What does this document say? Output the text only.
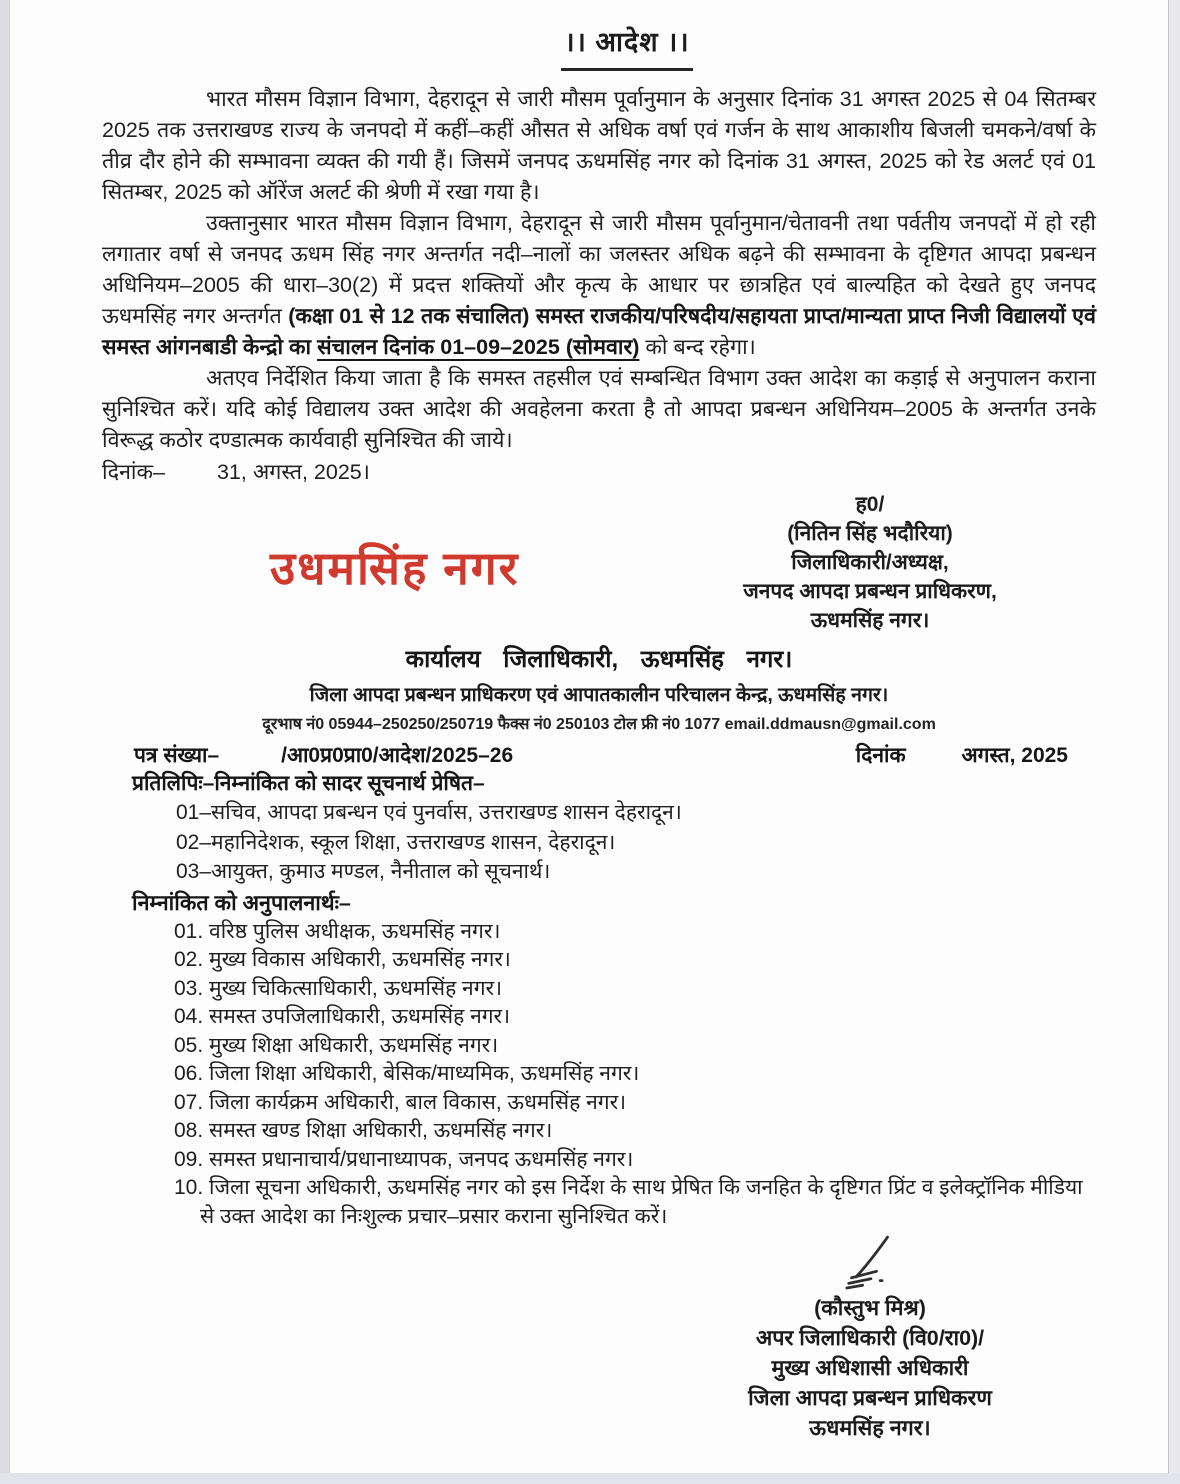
।। आदेश ।।

भारत मौसम विज्ञान विभाग, देहरादून से जारी मौसम पूर्वानुमान के अनुसार दिनांक 31 अगस्त 2025 से 04 सितम्बर 2025 तक उत्तराखण्ड राज्य के जनपदो में कहीं–कहीं औसत से अधिक वर्षा एवं गर्जन के साथ आकाशीय बिजली चमकने/वर्षा के तीव्र दौर होने की सम्भावना व्यक्त की गयी हैं। जिसमें जनपद ऊधमसिंह नगर को दिनांक 31 अगस्त, 2025 को रेड अलर्ट एवं 01 सितम्बर, 2025 को ऑरेंज अलर्ट की श्रेणी में रखा गया है।

उक्तानुसार भारत मौसम विज्ञान विभाग, देहरादून से जारी मौसम पूर्वानुमान/चेतावनी तथा पर्वतीय जनपदों में हो रही लगातार वर्षा से जनपद ऊधम सिंह नगर अन्तर्गत नदी–नालों का जलस्तर अधिक बढ़ने की सम्भावना के दृष्टिगत आपदा प्रबन्धन अधिनियम–2005 की धारा–30(2) में प्रदत्त शक्तियों और कृत्य के आधार पर छात्रहित एवं बाल्यहित को देखते हुए जनपद ऊधमसिंह नगर अन्तर्गत (कक्षा 01 से 12 तक संचालित) समस्त राजकीय/परिषदीय/सहायता प्राप्त/मान्यता प्राप्त निजी विद्यालयों एवं समस्त आंगनबाडी केन्द्रो का संचालन दिनांक 01–09–2025 (सोमवार) को बन्द रहेगा।

अतएव निर्देशित किया जाता है कि समस्त तहसील एवं सम्बन्धित विभाग उक्त आदेश का कड़ाई से अनुपालन कराना सुनिश्चित करें। यदि कोई विद्यालय उक्त आदेश की अवहेलना करता है तो आपदा प्रबन्धन अधिनियम–2005 के अन्तर्गत उनके विरूद्ध कठोर दण्डात्मक कार्यवाही सुनिश्चित की जाये।

दिनांक– 31, अगस्त, 2025।
उधमसिंह नगर
ह0/
(नितिन सिंह भदौरिया)
जिलाधिकारी/अध्यक्ष,
जनपद आपदा प्रबन्धन प्राधिकरण,
ऊधमसिंह नगर।
कार्यालय जिलाधिकारी, ऊधमसिंह नगर।
जिला आपदा प्रबन्धन प्राधिकरण एवं आपातकालीन परिचालन केन्द्र, ऊधमसिंह नगर।
दूरभाष नं0 05944–250250/250719 फैक्स नं0 250103 टोल फ्री नं0 1077 email.ddmausn@gmail.com
पत्र संख्या–	/आ0प्र0प्रा0/आदेश/2025–26	दिनांक	अगस्त, 2025
प्रतिलिपिः–निम्नांकित को सादर सूचनार्थ प्रेषित–
01–सचिव, आपदा प्रबन्धन एवं पुनर्वास, उत्तराखण्ड शासन देहरादून।
02–महानिदेशक, स्कूल शिक्षा, उत्तराखण्ड शासन, देहरादून।
03–आयुक्त, कुमाउ मण्डल, नैनीताल को सूचनार्थ।
निम्नांकित को अनुपालनार्थः–
01. वरिष्ठ पुलिस अधीक्षक, ऊधमसिंह नगर।
02. मुख्य विकास अधिकारी, ऊधमसिंह नगर।
03. मुख्य चिकित्साधिकारी, ऊधमसिंह नगर।
04. समस्त उपजिलाधिकारी, ऊधमसिंह नगर।
05. मुख्य शिक्षा अधिकारी, ऊधमसिंह नगर।
06. जिला शिक्षा अधिकारी, बेसिक/माध्यमिक, ऊधमसिंह नगर।
07. जिला कार्यक्रम अधिकारी, बाल विकास, ऊधमसिंह नगर।
08. समस्त खण्ड शिक्षा अधिकारी, ऊधमसिंह नगर।
09. समस्त प्रधानाचार्य/प्रधानाध्यापक, जनपद ऊधमसिंह नगर।
10. जिला सूचना अधिकारी, ऊधमसिंह नगर को इस निर्देश के साथ प्रेषित कि जनहित के दृष्टिगत प्रिंट व इलेक्ट्रॉनिक मीडिया से उक्त आदेश का निःशुल्क प्रचार–प्रसार कराना सुनिश्चित करें।
(कौस्तुभ मिश्र)
अपर जिलाधिकारी (वि0/रा0)/
मुख्य अधिशासी अधिकारी
जिला आपदा प्रबन्धन प्राधिकरण
ऊधमसिंह नगर।
